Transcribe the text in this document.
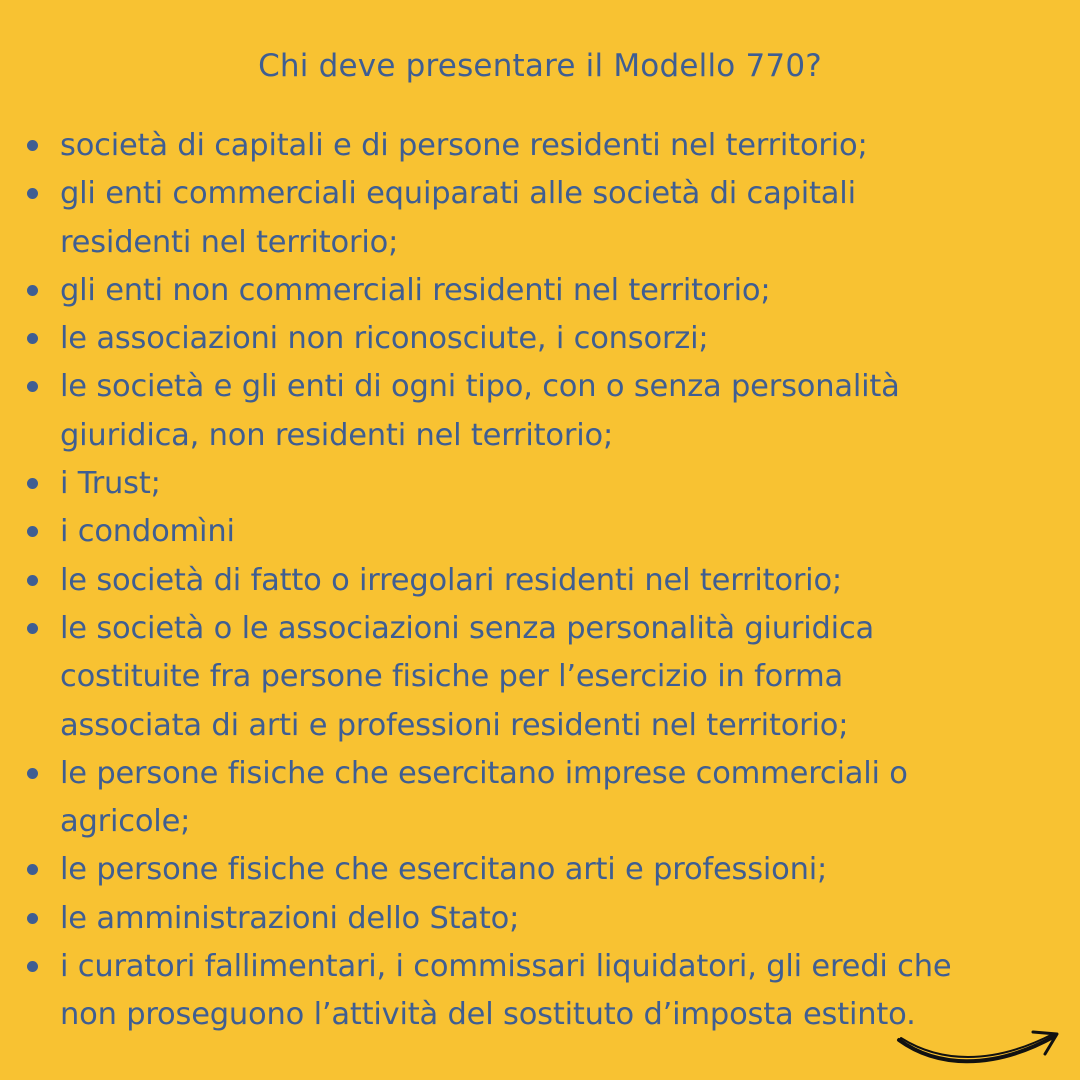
Chi deve presentare il Modello 770?
società di capitali e di persone residenti nel territorio;
gli enti commerciali equiparati alle società di capitali
residenti nel territorio;
gli enti non commerciali residenti nel territorio;
le associazioni non riconosciute, i consorzi;
le società e gli enti di ogni tipo, con o senza personalità
giuridica, non residenti nel territorio;
i Trust;
i condomìni
le società di fatto o irregolari residenti nel territorio;
le società o le associazioni senza personalità giuridica
costituite fra persone fisiche per l’esercizio in forma
associata di arti e professioni residenti nel territorio;
le persone fisiche che esercitano imprese commerciali o
agricole;
le persone fisiche che esercitano arti e professioni;
le amministrazioni dello Stato;
i curatori fallimentari, i commissari liquidatori, gli eredi che
non proseguono l’attività del sostituto d’imposta estinto.
